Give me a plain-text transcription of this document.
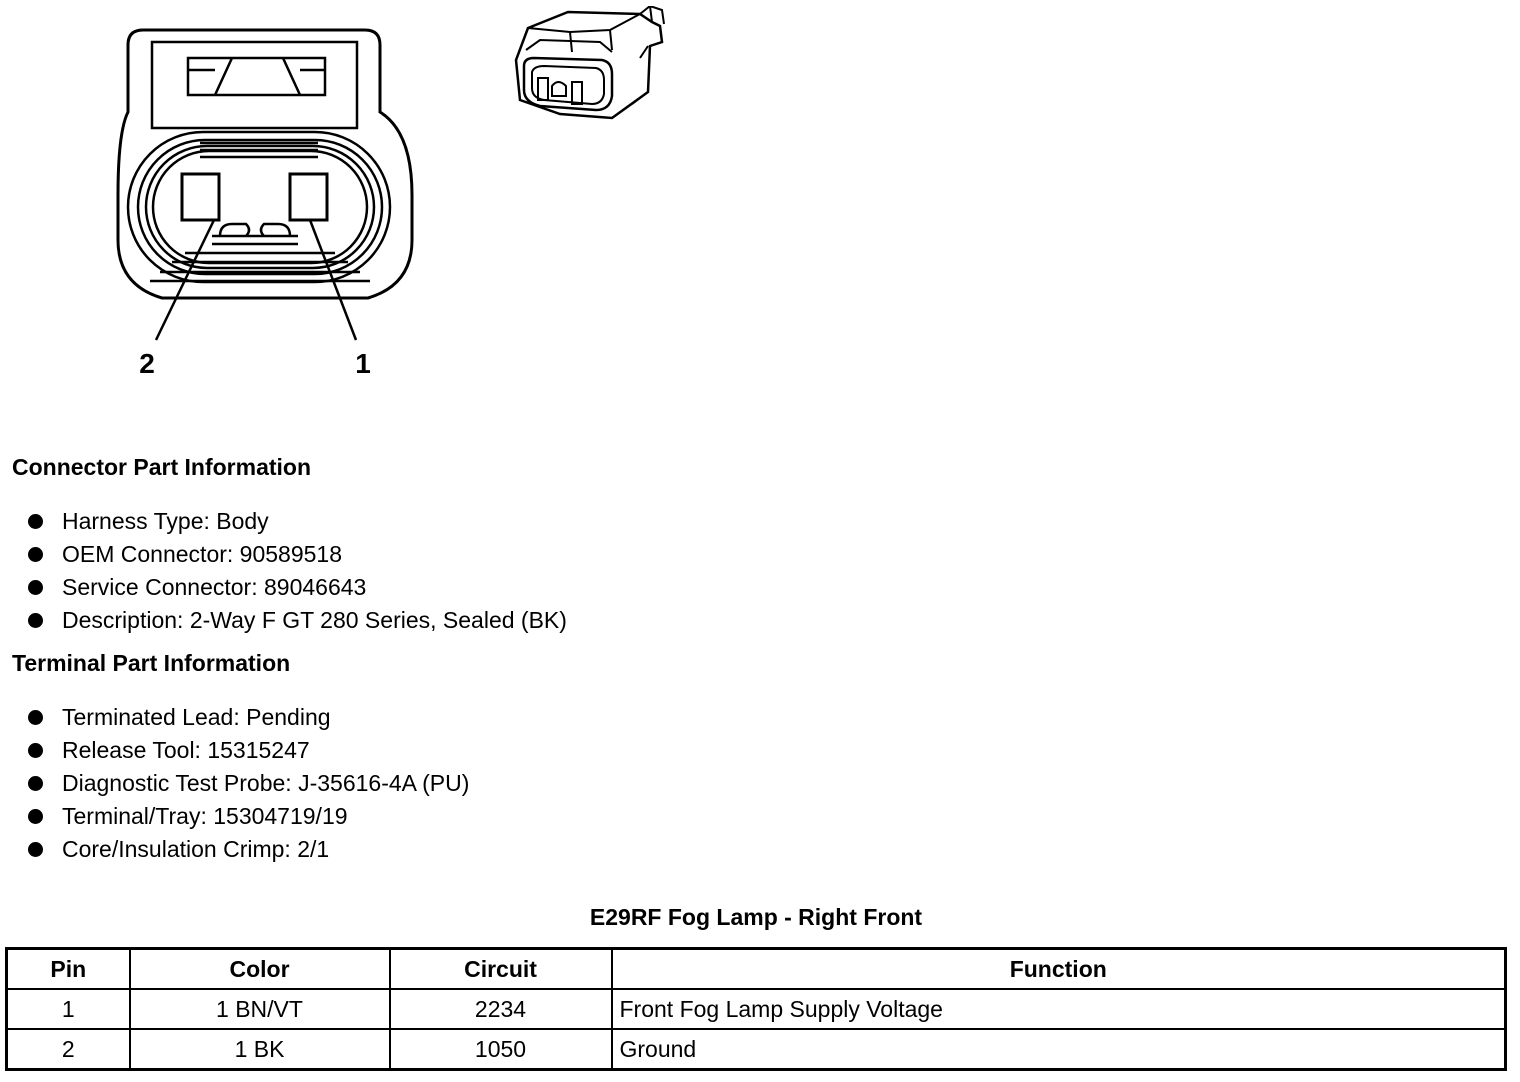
2	1
Connector Part Information
Harness Type: Body
OEM Connector: 90589518
Service Connector: 89046643
Description: 2-Way F GT 280 Series, Sealed (BK)
Terminal Part Information
Terminated Lead: Pending
Release Tool: 15315247
Diagnostic Test Probe: J-35616-4A (PU)
Terminal/Tray: 15304719/19
Core/Insulation Crimp: 2/1
E29RF Fog Lamp - Right Front
Pin	Color	Circuit	Function
1	1 BN/VT	2234	Front Fog Lamp Supply Voltage
2	1 BK	1050	Ground
